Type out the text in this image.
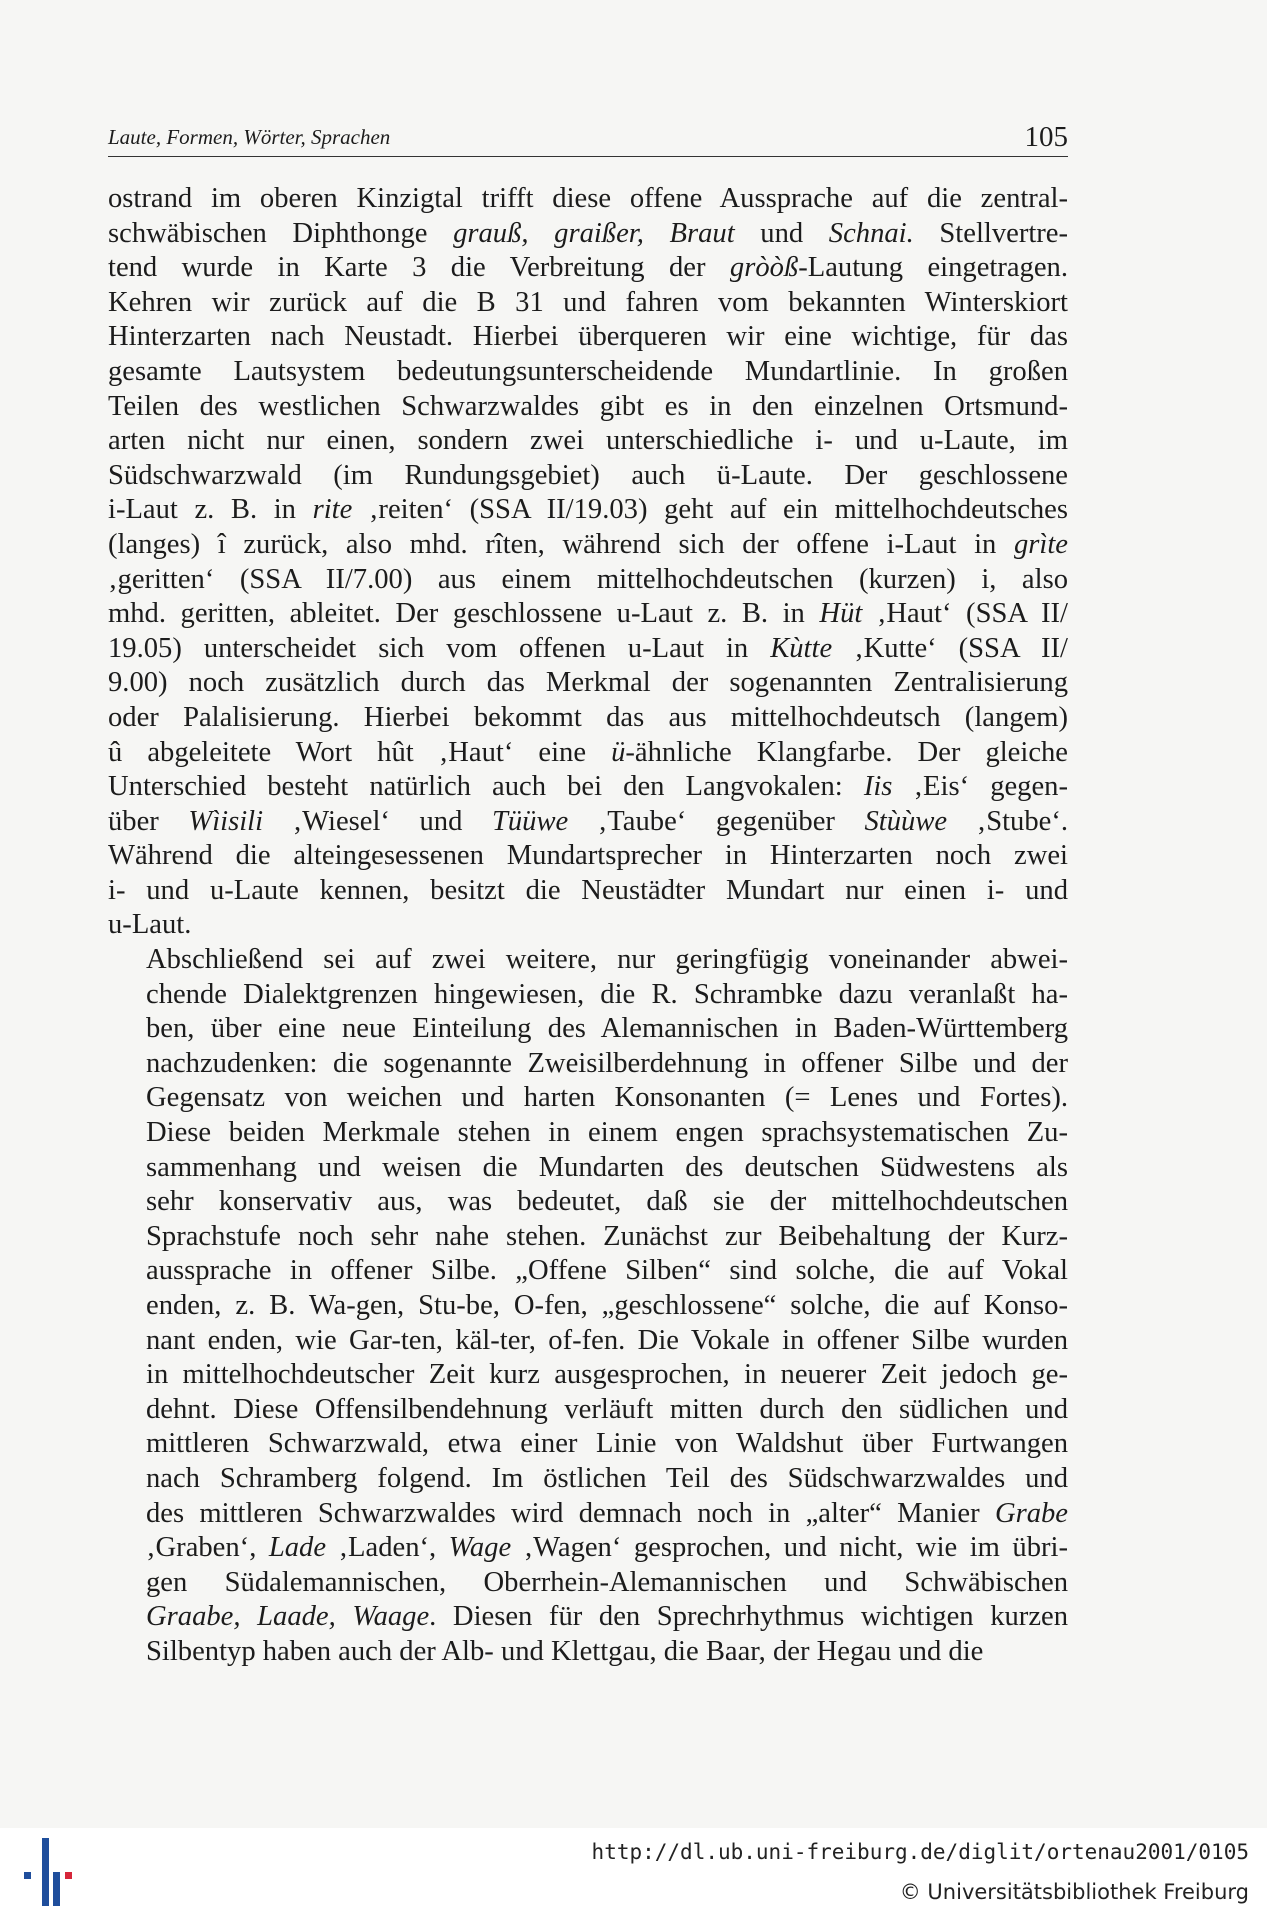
Laute, Formen, Wörter, Sprachen	105

ostrand im oberen Kinzigtal trifft diese offene Aussprache auf die zentral-
schwäbischen Diphthonge grauß, graißer, Braut und Schnai. Stellvertre-
tend wurde in Karte 3 die Verbreitung der gròòß-Lautung eingetragen.
Kehren wir zurück auf die B 31 und fahren vom bekannten Winterskiort
Hinterzarten nach Neustadt. Hierbei überqueren wir eine wichtige, für das
gesamte Lautsystem bedeutungsunterscheidende Mundartlinie. In großen
Teilen des westlichen Schwarzwaldes gibt es in den einzelnen Ortsmund-
arten nicht nur einen, sondern zwei unterschiedliche i- und u-Laute, im
Südschwarzwald (im Rundungsgebiet) auch ü-Laute. Der geschlossene
i-Laut z. B. in rite ‚reiten‘ (SSA II/19.03) geht auf ein mittelhochdeutsches
(langes) î zurück, also mhd. rîten, während sich der offene i-Laut in grìte
‚geritten‘ (SSA II/7.00) aus einem mittelhochdeutschen (kurzen) i, also
mhd. geritten, ableitet. Der geschlossene u-Laut z. B. in Hüt ‚Haut‘ (SSA II/
19.05) unterscheidet sich vom offenen u-Laut in Kùtte ‚Kutte‘ (SSA II/
9.00) noch zusätzlich durch das Merkmal der sogenannten Zentralisierung
oder Palalisierung. Hierbei bekommt das aus mittelhochdeutsch (langem)
û abgeleitete Wort hût ‚Haut‘ eine ü-ähnliche Klangfarbe. Der gleiche
Unterschied besteht natürlich auch bei den Langvokalen: Iis ‚Eis‘ gegen-
über Wìisili ‚Wiesel‘ und Tüüwe ‚Taube‘ gegenüber Stùùwe ‚Stube‘.
Während die alteingesessenen Mundartsprecher in Hinterzarten noch zwei
i- und u-Laute kennen, besitzt die Neustädter Mundart nur einen i- und
u-Laut.

Abschließend sei auf zwei weitere, nur geringfügig voneinander abwei-
chende Dialektgrenzen hingewiesen, die R. Schrambke dazu veranlaßt ha-
ben, über eine neue Einteilung des Alemannischen in Baden-Württemberg
nachzudenken: die sogenannte Zweisilberdehnung in offener Silbe und der
Gegensatz von weichen und harten Konsonanten (= Lenes und Fortes).
Diese beiden Merkmale stehen in einem engen sprachsystematischen Zu-
sammenhang und weisen die Mundarten des deutschen Südwestens als
sehr konservativ aus, was bedeutet, daß sie der mittelhochdeutschen
Sprachstufe noch sehr nahe stehen. Zunächst zur Beibehaltung der Kurz-
aussprache in offener Silbe. „Offene Silben“ sind solche, die auf Vokal
enden, z. B. Wa-gen, Stu-be, O-fen, „geschlossene“ solche, die auf Konso-
nant enden, wie Gar-ten, käl-ter, of-fen. Die Vokale in offener Silbe wurden
in mittelhochdeutscher Zeit kurz ausgesprochen, in neuerer Zeit jedoch ge-
dehnt. Diese Offensilbendehnung verläuft mitten durch den südlichen und
mittleren Schwarzwald, etwa einer Linie von Waldshut über Furtwangen
nach Schramberg folgend. Im östlichen Teil des Südschwarzwaldes und
des mittleren Schwarzwaldes wird demnach noch in „alter“ Manier Grabe
‚Graben‘, Lade ‚Laden‘, Wage ‚Wagen‘ gesprochen, und nicht, wie im übri-
gen Südalemannischen, Oberrhein-Alemannischen und Schwäbischen
Graabe, Laade, Waage. Diesen für den Sprechrhythmus wichtigen kurzen
Silbentyp haben auch der Alb- und Klettgau, die Baar, der Hegau und die

http://dl.ub.uni-freiburg.de/diglit/ortenau2001/0105
© Universitätsbibliothek Freiburg
